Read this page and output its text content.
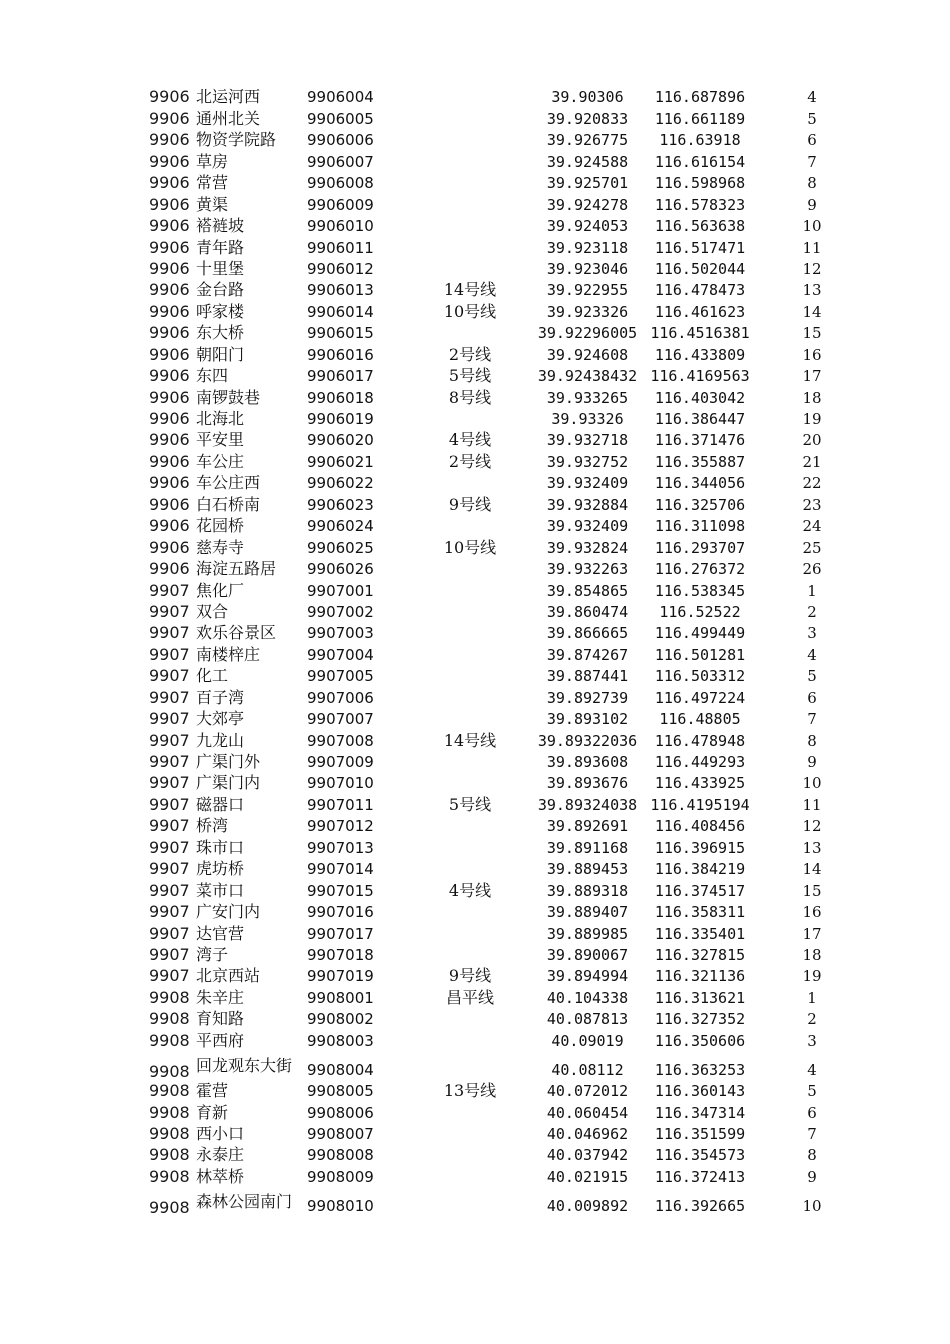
9906 北运河西	9906004	39.90306	116.687896	4
9906 通州北关	9906005	39.920833	116.661189	5
9906 物资学院路	9906006	39.926775	116.63918	6
9906 草房	9906007	39.924588	116.616154	7
9906 常营	9906008	39.925701	116.598968	8
9906 黄渠	9906009	39.924278	116.578323	9
9906 褡裢坡	9906010	39.924053	116.563638	10
9906 青年路	9906011	39.923118	116.517471	11
9906 十里堡	9906012	39.923046	116.502044	12
9906 金台路	9906013	14号线	39.922955	116.478473	13
9906 呼家楼	9906014	10号线	39.923326	116.461623	14
9906 东大桥	9906015	39.92296005 116.4516381	15
9906 朝阳门	9906016	2号线	39.924608	116.433809	16
9906 东四	9906017	5号线	39.92438432 116.4169563	17
9906 南锣鼓巷	9906018	8号线	39.933265	116.403042	18
9906 北海北	9906019	39.93326	116.386447	19
9906 平安里	9906020	4号线	39.932718	116.371476	20
9906 车公庄	9906021	2号线	39.932752	116.355887	21
9906 车公庄西	9906022	39.932409	116.344056	22
9906 白石桥南	9906023	9号线	39.932884	116.325706	23
9906 花园桥	9906024	39.932409	116.311098	24
9906 慈寿寺	9906025	10号线	39.932824	116.293707	25
9906 海淀五路居	9906026	39.932263	116.276372	26
9907 焦化厂	9907001	39.854865	116.538345	1
9907 双合	9907002	39.860474	116.52522	2
9907 欢乐谷景区	9907003	39.866665	116.499449	3
9907 南楼梓庄	9907004	39.874267	116.501281	4
9907 化工	9907005	39.887441	116.503312	5
9907 百子湾	9907006	39.892739	116.497224	6
9907 大郊亭	9907007	39.893102	116.48805	7
9907 九龙山	9907008	14号线	39.89322036	116.478948	8
9907 广渠门外	9907009	39.893608	116.449293	9
9907 广渠门内	9907010	39.893676	116.433925	10
9907 磁器口	9907011	5号线	39.89324038 116.4195194	11
9907 桥湾	9907012	39.892691	116.408456	12
9907 珠市口	9907013	39.891168	116.396915	13
9907 虎坊桥	9907014	39.889453	116.384219	14
9907 菜市口	9907015	4号线	39.889318	116.374517	15
9907 广安门内	9907016	39.889407	116.358311	16
9907 达官营	9907017	39.889985	116.335401	17
9907 湾子	9907018	39.890067	116.327815	18
9907 北京西站	9907019	9号线	39.894994	116.321136	19
9908 朱辛庄	9908001	昌平线	40.104338	116.313621	1
9908 育知路	9908002	40.087813	116.327352	2
9908 平西府	9908003	40.09019	116.350606	3
9908 回龙观东大街 9908004	40.08112	116.363253	4
9908 霍营	9908005	13号线	40.072012	116.360143	5
9908 育新	9908006	40.060454	116.347314	6
9908 西小口	9908007	40.046962	116.351599	7
9908 永泰庄	9908008	40.037942	116.354573	8
9908 林萃桥	9908009	40.021915	116.372413	9
9908 森林公园南门 9908010	40.009892	116.392665	10
